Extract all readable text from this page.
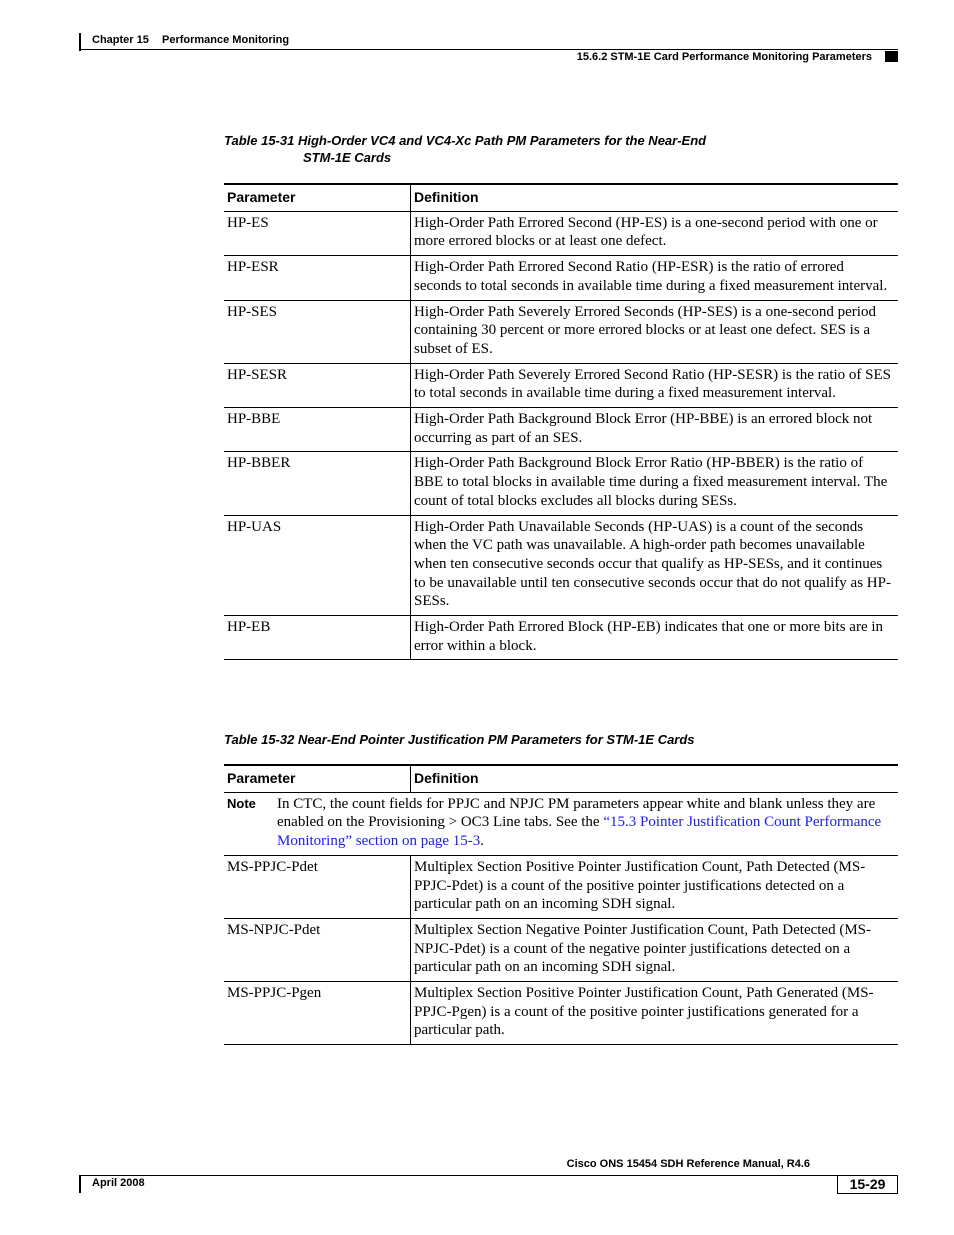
Chapter 15 Performance Monitoring
15.6.2 STM-1E Card Performance Monitoring Parameters
Table 15-31 High-Order VC4 and VC4-Xc Path PM Parameters for the Near-End
STM-1E Cards
Parameter	Definition
HP-ES	High-Order Path Errored Second (HP-ES) is a one-second period with one or more errored blocks or at least one defect.
HP-ESR	High-Order Path Errored Second Ratio (HP-ESR) is the ratio of errored seconds to total seconds in available time during a fixed measurement interval.
HP-SES	High-Order Path Severely Errored Seconds (HP-SES) is a one-second period containing 30 percent or more errored blocks or at least one defect. SES is a subset of ES.
HP-SESR	High-Order Path Severely Errored Second Ratio (HP-SESR) is the ratio of SES to total seconds in available time during a fixed measurement interval.
HP-BBE	High-Order Path Background Block Error (HP-BBE) is an errored block not occurring as part of an SES.
HP-BBER	High-Order Path Background Block Error Ratio (HP-BBER) is the ratio of BBE to total blocks in available time during a fixed measurement interval. The count of total blocks excludes all blocks during SESs.
HP-UAS	High-Order Path Unavailable Seconds (HP-UAS) is a count of the seconds when the VC path was unavailable. A high-order path becomes unavailable when ten consecutive seconds occur that qualify as HP-SESs, and it continues to be unavailable until ten consecutive seconds occur that do not qualify as HP-SESs.
HP-EB	High-Order Path Errored Block (HP-EB) indicates that one or more bits are in error within a block.
Table 15-32 Near-End Pointer Justification PM Parameters for STM-1E Cards
Parameter	Definition
Note In CTC, the count fields for PPJC and NPJC PM parameters appear white and blank unless they are enabled on the Provisioning > OC3 Line tabs. See the “15.3 Pointer Justification Count Performance Monitoring” section on page 15-3.	
MS-PPJC-Pdet	Multiplex Section Positive Pointer Justification Count, Path Detected (MS-PPJC-Pdet) is a count of the positive pointer justifications detected on a particular path on an incoming SDH signal.
MS-NPJC-Pdet	Multiplex Section Negative Pointer Justification Count, Path Detected (MS-NPJC-Pdet) is a count of the negative pointer justifications detected on a particular path on an incoming SDH signal.
MS-PPJC-Pgen	Multiplex Section Positive Pointer Justification Count, Path Generated (MS-PPJC-Pgen) is a count of the positive pointer justifications generated for a particular path.
Cisco ONS 15454 SDH Reference Manual, R4.6
April 2008	15-29
